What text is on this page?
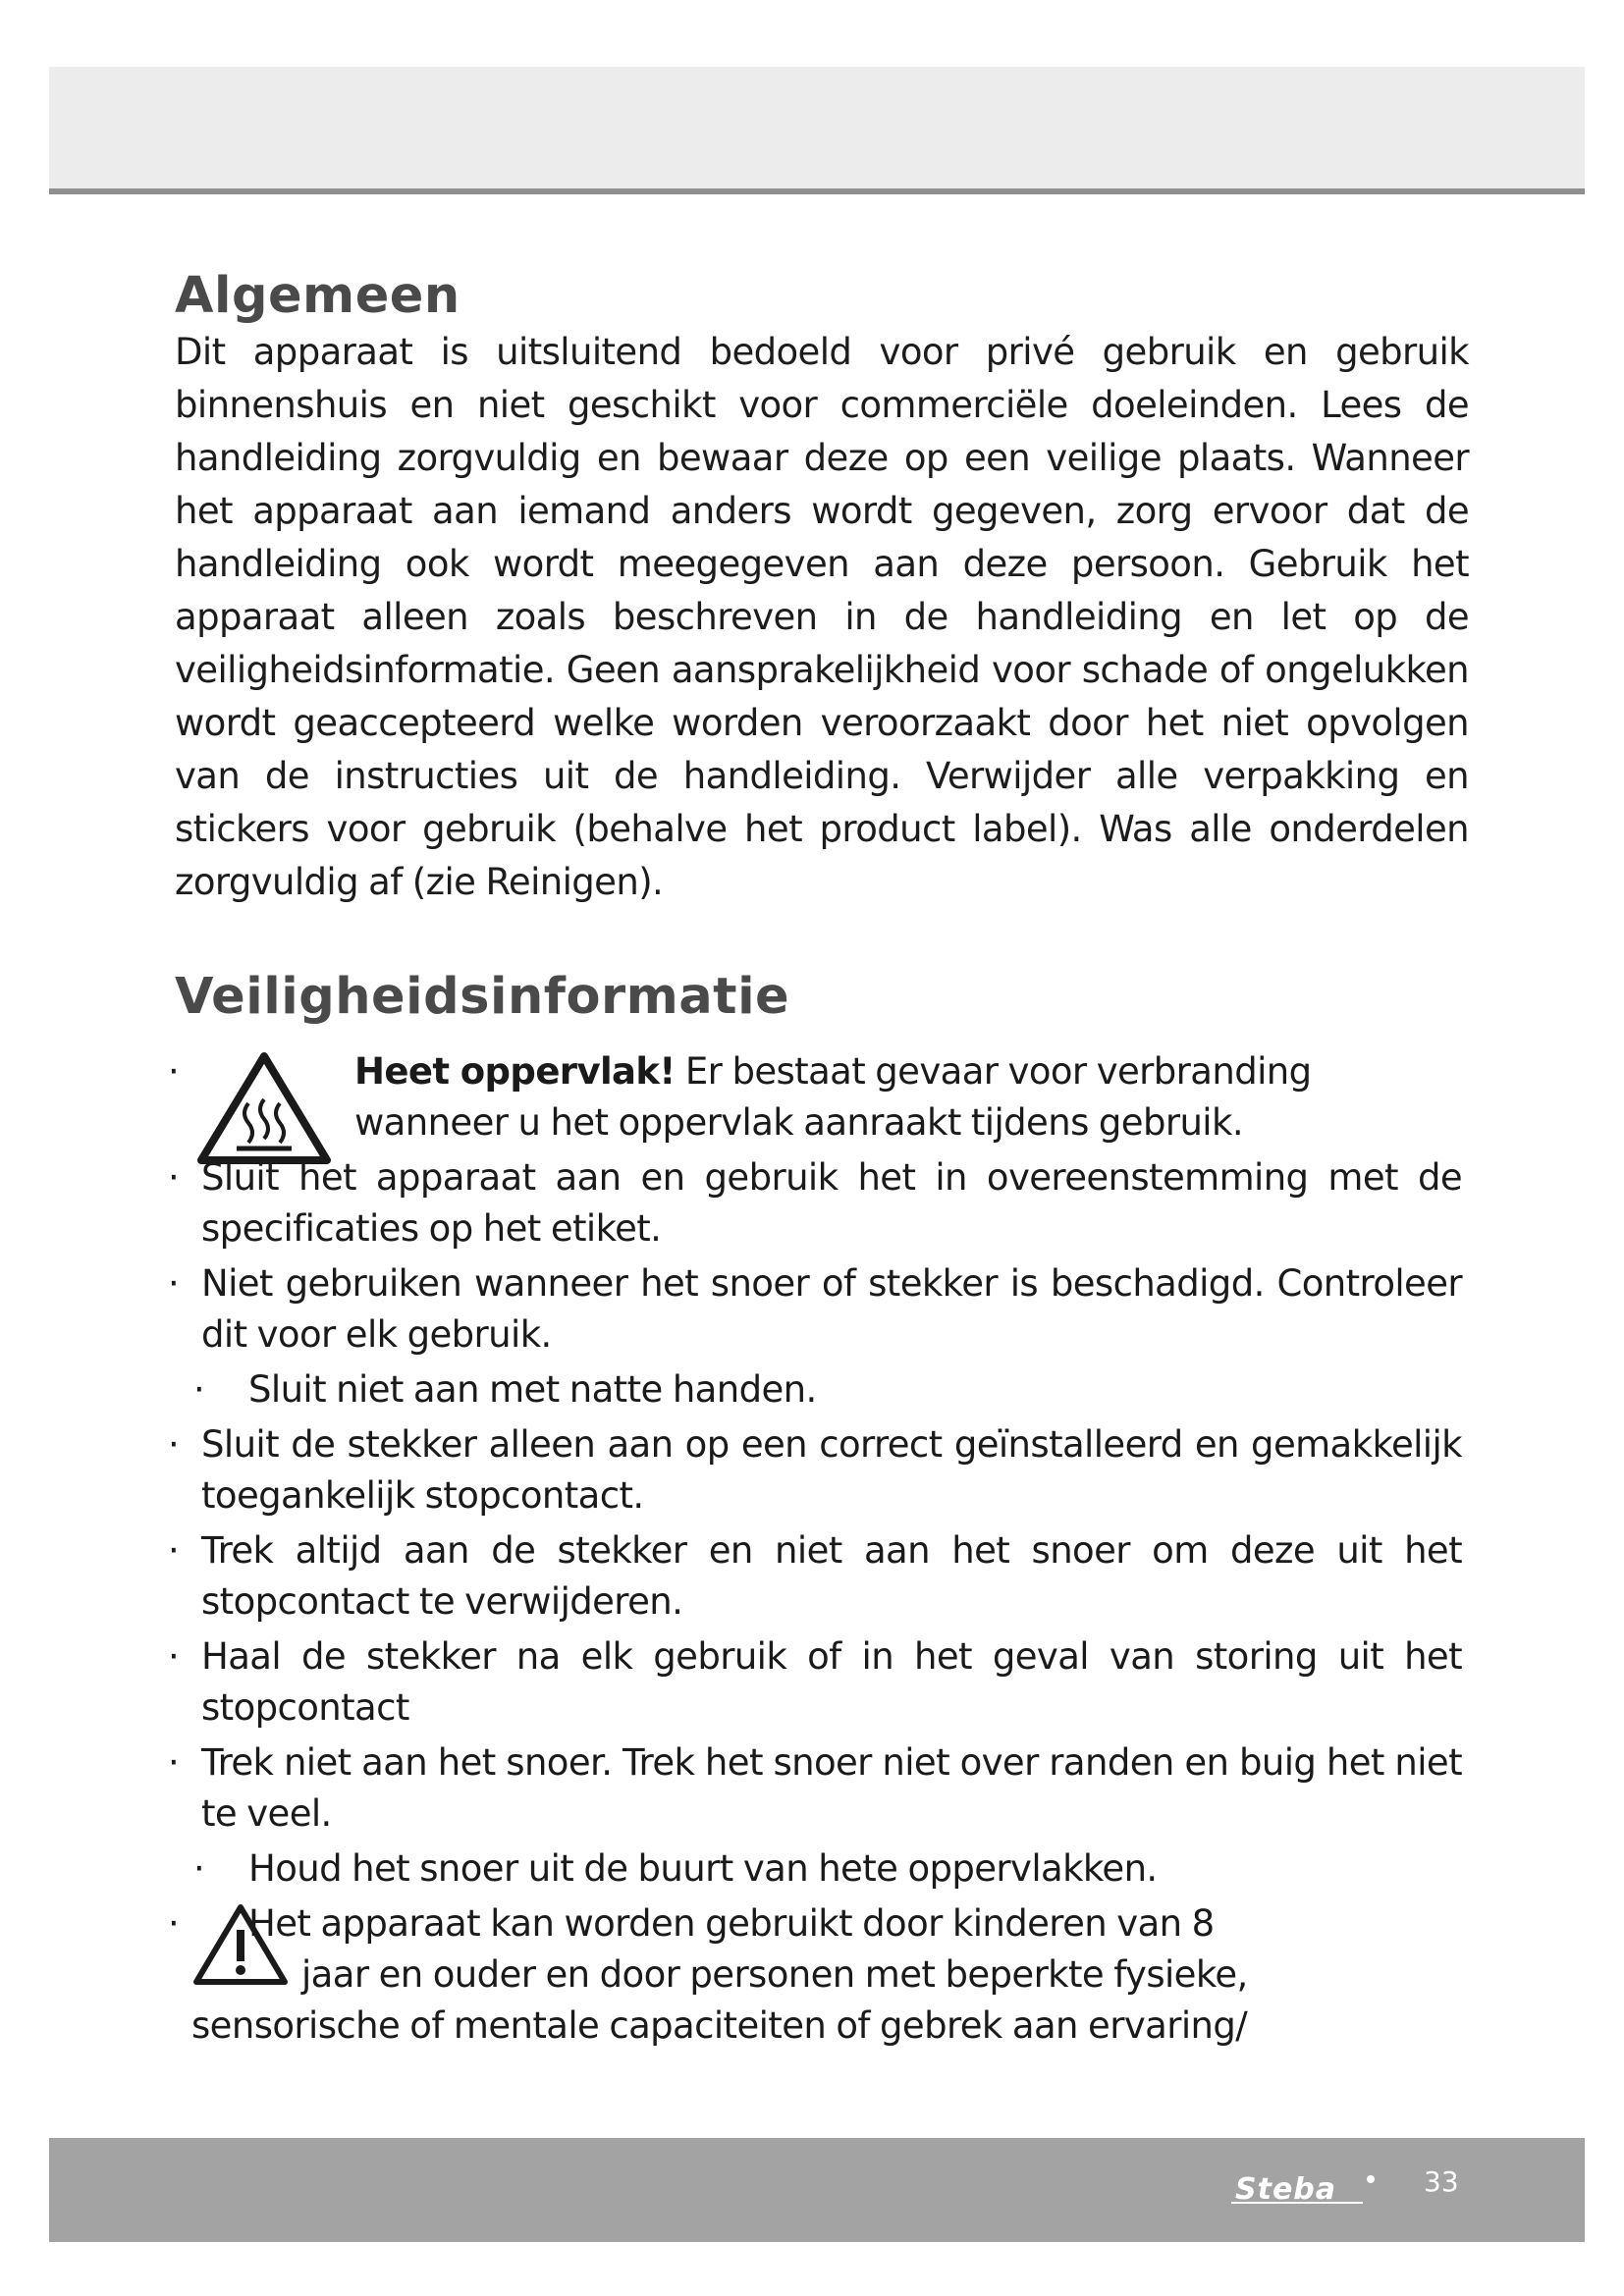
Algemeen

Dit apparaat is uitsluitend bedoeld voor privé gebruik en gebruik binnenshuis en niet geschikt voor commerciële doeleinden. Lees de handleiding zorgvuldig en bewaar deze op een veilige plaats. Wanneer het apparaat aan iemand anders wordt gegeven, zorg ervoor dat de handleiding ook wordt meegegeven aan deze persoon. Gebruik het apparaat alleen zoals beschreven in de handleiding en let op de veiligheidsinformatie. Geen aansprakelijkheid voor schade of ongelukken wordt geaccepteerd welke worden veroorzaakt door het niet opvolgen van de instructies uit de handleiding. Verwijder alle verpakking en stickers voor gebruik (behalve het product label). Was alle onderdelen zorgvuldig af (zie Reinigen).

Veiligheidsinformatie
·	Heet oppervlak! Er bestaat gevaar voor verbranding wanneer u het oppervlak aanraakt tijdens gebruik.
· Sluit het apparaat aan en gebruik het in overeenstemming met de specificaties op het etiket.
· Niet gebruiken wanneer het snoer of stekker is beschadigd. Controleer dit voor elk gebruik.
· Sluit niet aan met natte handen.
· Sluit de stekker alleen aan op een correct geïnstalleerd en gemakkelijk toegankelijk stopcontact.
· Trek altijd aan de stekker en niet aan het snoer om deze uit het stopcontact te verwijderen.
· Haal de stekker na elk gebruik of in het geval van storing uit het stopcontact
· Trek niet aan het snoer. Trek het snoer niet over randen en buig het niet te veel.
· Houd het snoer uit de buurt van hete oppervlakken.
· Het apparaat kan worden gebruikt door kinderen van 8
jaar en ouder en door personen met beperkte fysieke,
sensorische of mentale capaciteiten of gebrek aan ervaring/
Steba	33
